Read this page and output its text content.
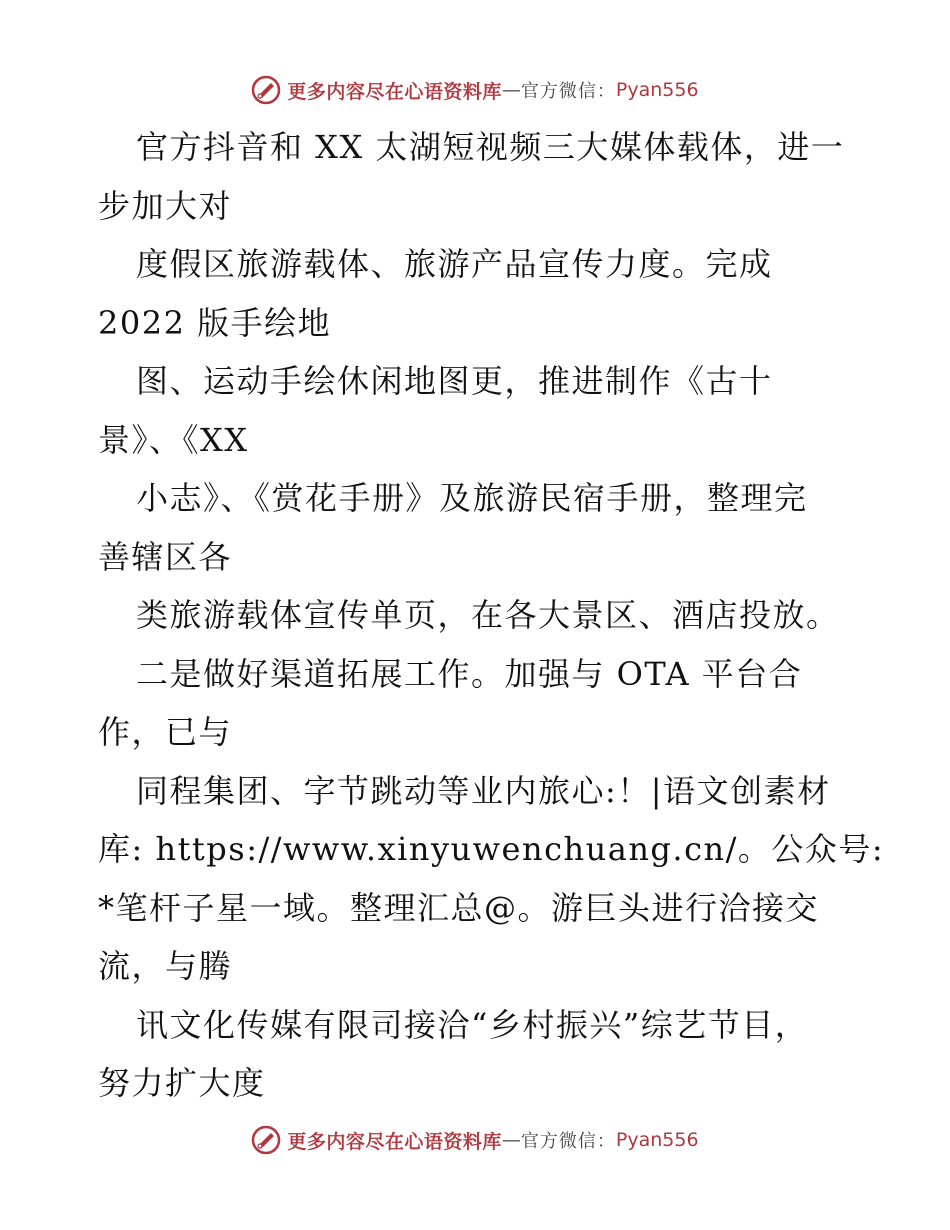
更多内容尽在心语资料库 — 官方微信： Pyan556
官方抖音和 XX 太湖短视频三大媒体载体，进一
步加大对
度假区旅游载体、旅游产品宣传力度。完成
2022 版手绘地
图、运动手绘休闲地图更，推进制作《古十
景》、《XX
小志》、《赏花手册》及旅游民宿手册，整理完
善辖区各
类旅游载体宣传单页，在各大景区、酒店投放。
二是做好渠道拓展工作。加强与 OTA 平台合
作，已与
同程集团、字节跳动等业内旅心:！|语文创素材
库: https://www.xinyuwenchuang.cn/。公众号:
*笔杆子星一域。整理汇总@。游巨头进行洽接交
流，与腾
讯文化传媒有限司接洽“乡村振兴”综艺节目，
努力扩大度
更多内容尽在心语资料库 — 官方微信： Pyan556
